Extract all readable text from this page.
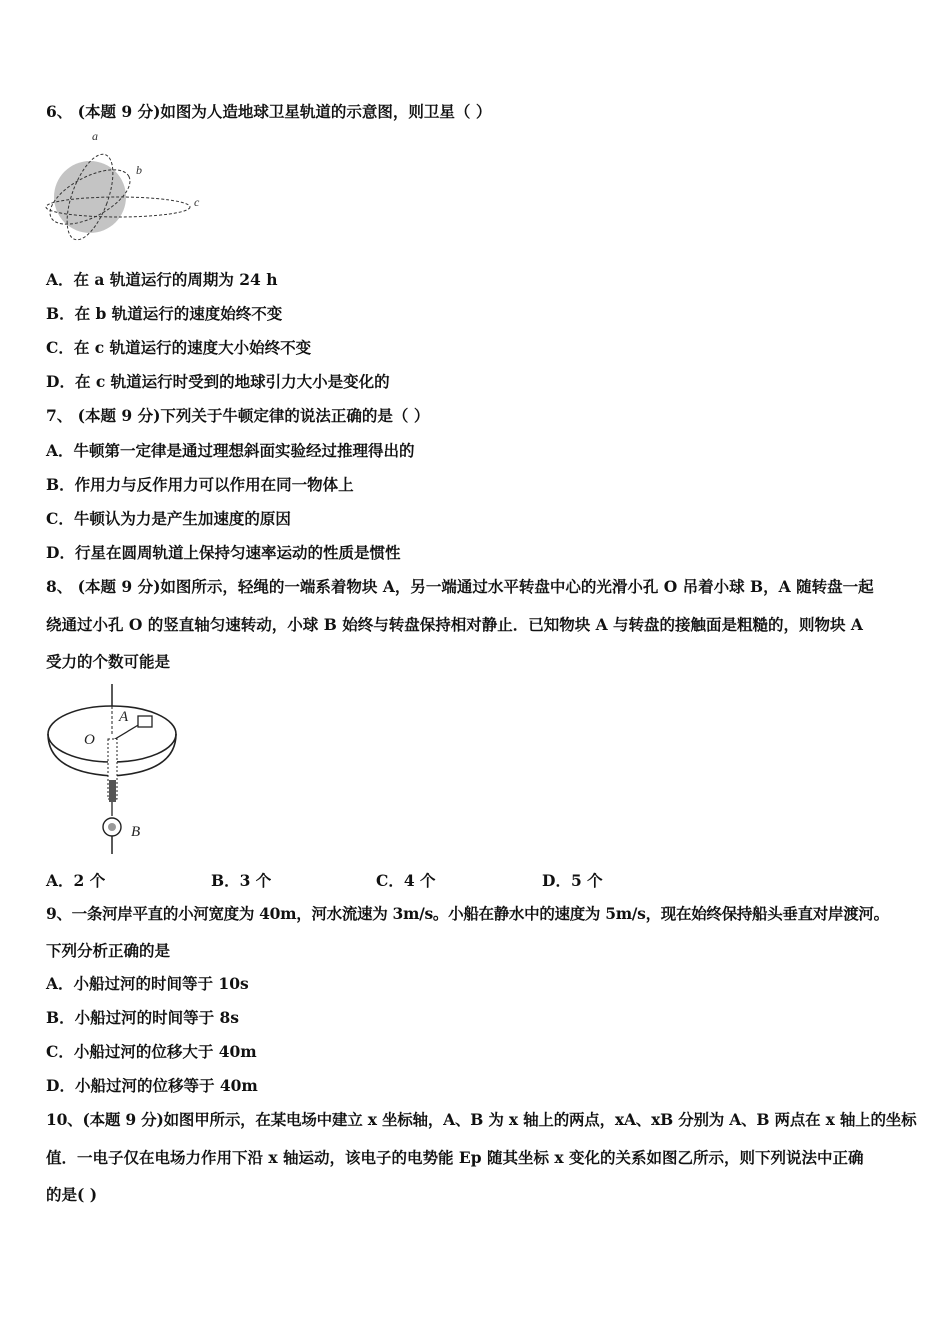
6、 (本题 9 分)如图为人造地球卫星轨道的示意图，则卫星（ ）
a
b
c
A．在 a 轨道运行的周期为 24 h
B．在 b 轨道运行的速度始终不变
C．在 c 轨道运行的速度大小始终不变
D．在 c 轨道运行时受到的地球引力大小是变化的
7、 (本题 9 分)下列关于牛顿定律的说法正确的是（ ）
A．牛顿第一定律是通过理想斜面实验经过推理得出的
B．作用力与反作用力可以作用在同一物体上
C．牛顿认为力是产生加速度的原因
D．行星在圆周轨道上保持匀速率运动的性质是惯性
8、 (本题 9 分)如图所示，轻绳的一端系着物块 A，另一端通过水平转盘中心的光滑小孔 O 吊着小球 B，A 随转盘一起
绕通过小孔 O 的竖直轴匀速转动，小球 B 始终与转盘保持相对静止．已知物块 A 与转盘的接触面是粗糙的，则物块 A
受力的个数可能是
O
A
B
A．2 个	B．3 个	C．4 个	D．5 个
9、一条河岸平直的小河宽度为 40m，河水流速为 3m/s。小船在静水中的速度为 5m/s，现在始终保持船头垂直对岸渡河。
下列分析正确的是
A．小船过河的时间等于 10s
B．小船过河的时间等于 8s
C．小船过河的位移大于 40m
D．小船过河的位移等于 40m
10、(本题 9 分)如图甲所示，在某电场中建立 x 坐标轴，A、B 为 x 轴上的两点，xA、xB 分别为 A、B 两点在 x 轴上的坐标
值．一电子仅在电场力作用下沿 x 轴运动，该电子的电势能 Ep 随其坐标 x 变化的关系如图乙所示，则下列说法中正确
的是( )
